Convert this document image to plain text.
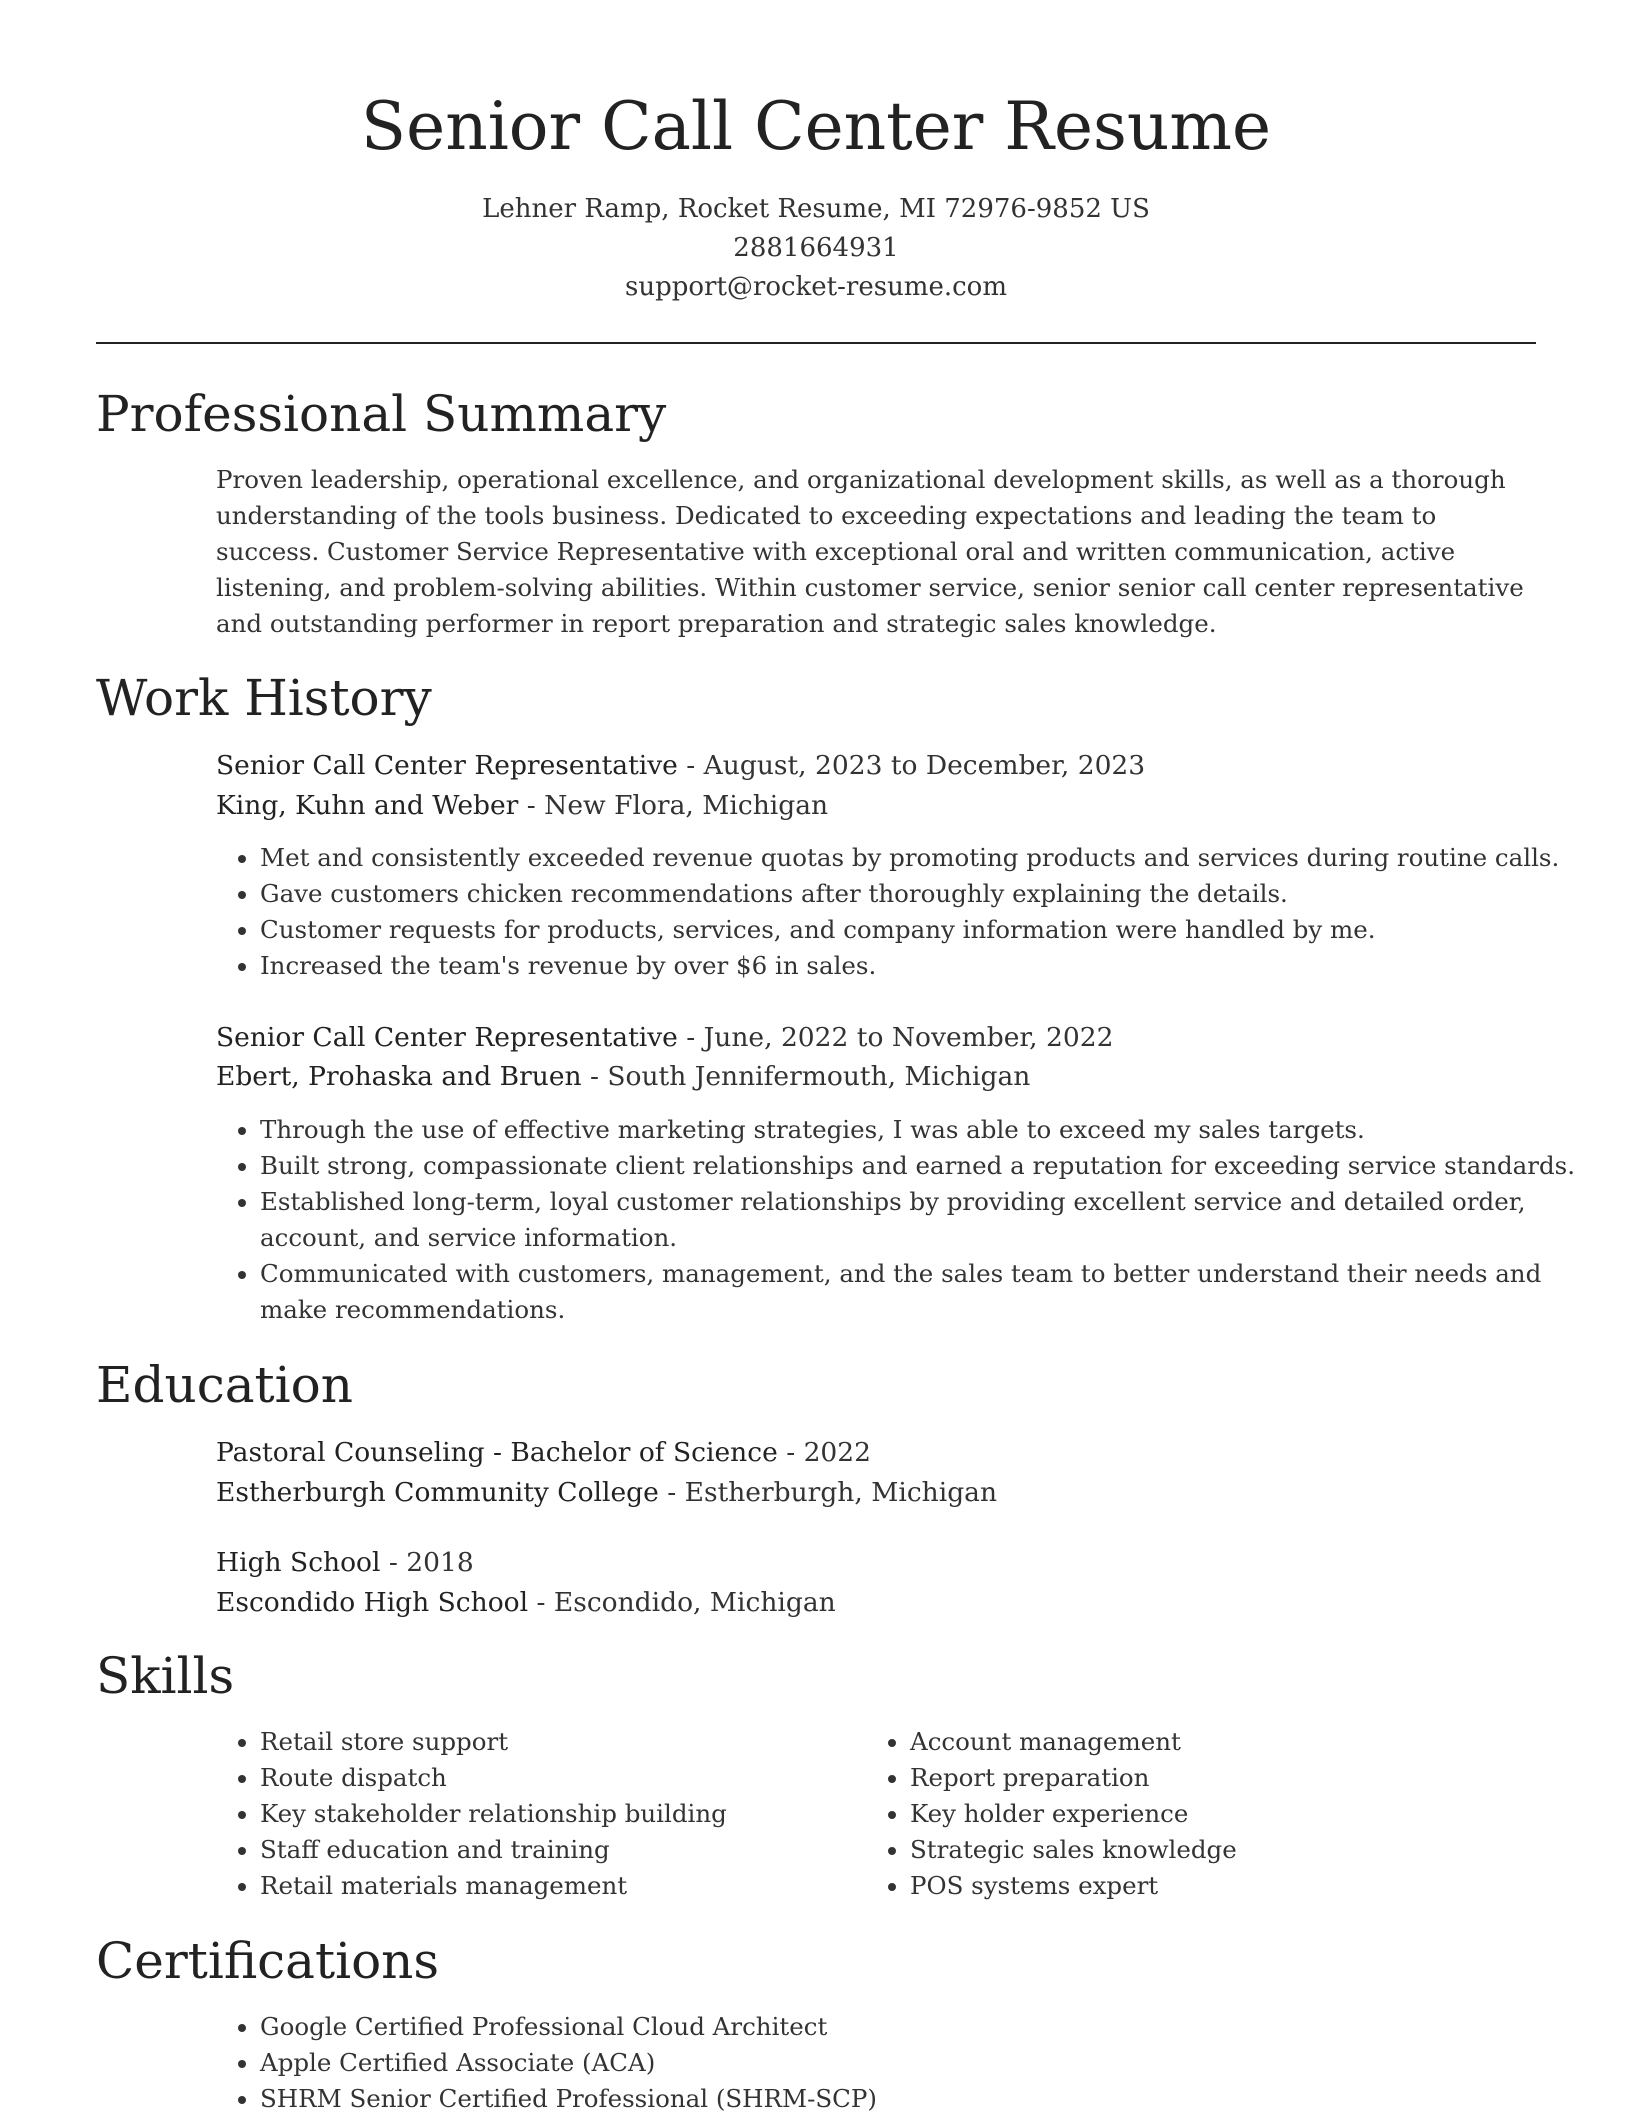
Senior Call Center Resume
Lehner Ramp, Rocket Resume, MI 72976-9852 US
2881664931
support@rocket-resume.com
Professional Summary

Proven leadership, operational excellence, and organizational development skills, as well as a thorough understanding of the tools business. Dedicated to exceeding expectations and leading the team to success. Customer Service Representative with exceptional oral and written communication, active listening, and problem-solving abilities. Within customer service, senior senior call center representative and outstanding performer in report preparation and strategic sales knowledge.

Work History
Senior Call Center Representative - August, 2023 to December, 2023
King, Kuhn and Weber - New Flora, Michigan
• Met and consistently exceeded revenue quotas by promoting products and services during routine calls.
• Gave customers chicken recommendations after thoroughly explaining the details.
• Customer requests for products, services, and company information were handled by me.
• Increased the team's revenue by over $6 in sales.
Senior Call Center Representative - June, 2022 to November, 2022
Ebert, Prohaska and Bruen - South Jennifermouth, Michigan
• Through the use of effective marketing strategies, I was able to exceed my sales targets.
• Built strong, compassionate client relationships and earned a reputation for exceeding service standards.
• Established long-term, loyal customer relationships by providing excellent service and detailed order, account, and service information.
• Communicated with customers, management, and the sales team to better understand their needs and make recommendations.
Education
Pastoral Counseling - Bachelor of Science - 2022
Estherburgh Community College - Estherburgh, Michigan
High School - 2018
Escondido High School - Escondido, Michigan
Skills
• Retail store support
• Route dispatch
• Key stakeholder relationship building
• Staff education and training
• Retail materials management
• Account management
• Report preparation
• Key holder experience
• Strategic sales knowledge
• POS systems expert
Certifications
• Google Certified Professional Cloud Architect
• Apple Certified Associate (ACA)
• SHRM Senior Certified Professional (SHRM-SCP)
